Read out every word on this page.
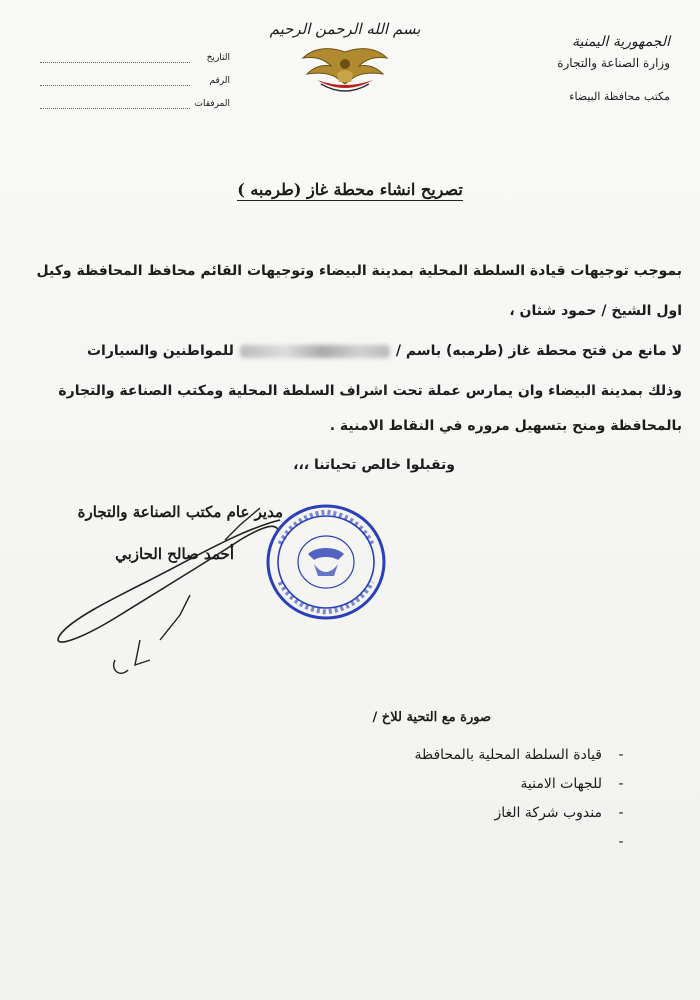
الجمهورية اليمنية
وزارة الصناعة والتجارة
مكتب محافظة البيضاء
بسم الله الرحمن الرحيم
التاريخ
الرقم
المرفقات
تصريح انشاء محطة غاز (طرمبه )
بموجب توجيهات قيادة السلطة المحلية بمدينة البيضاء وتوجيهات القائم محافظ المحافظة وكيل
اول الشيخ / حمود شثان ،
لا مانع من فتح محطة غاز (طرمبه) باسم /للمواطنين والسيارات
وذلك بمدينة البيضاء وان يمارس عملة تحت اشراف السلطة المحلية ومكتب الصناعة والتجارة
بالمحافظة ومنح بتسهيل مروره في النقاط الامنية .
وتقبلوا خالص تحياتنا ،،،
مدير عام مكتب الصناعة والتجارة
أحمد صالح الحازبي
صورة مع التحية للاخ /
-
قيادة السلطة المحلية بالمحافظة
-
للجهات الامنية
-
مندوب شركة الغاز
-
